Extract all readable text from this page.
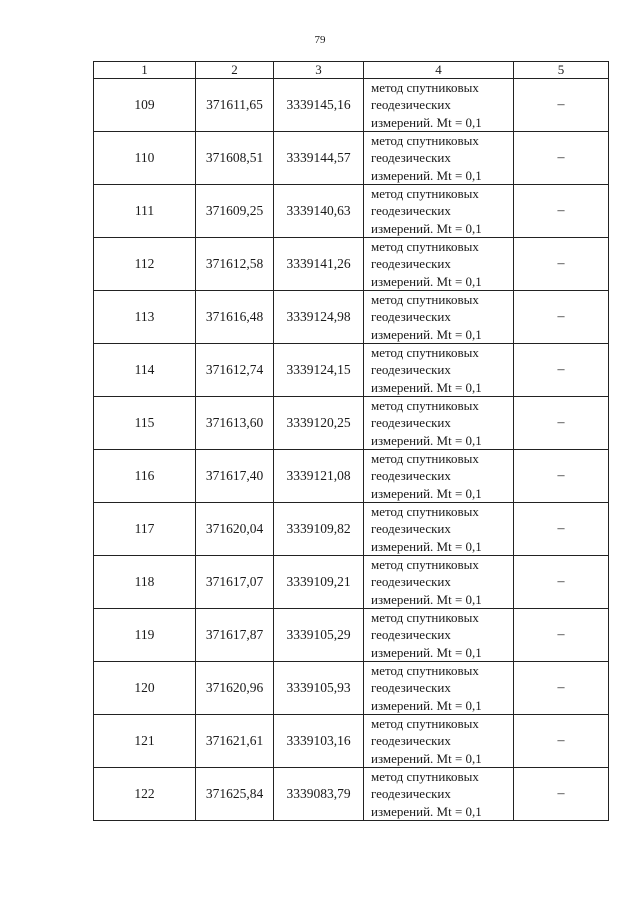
79
1	2	3	4	5
109	371611,65	3339145,16	метод спутниковых
геодезических
измерений. Mt = 0,1	–
110	371608,51	3339144,57	метод спутниковых
геодезических
измерений. Mt = 0,1	–
111	371609,25	3339140,63	метод спутниковых
геодезических
измерений. Mt = 0,1	–
112	371612,58	3339141,26	метод спутниковых
геодезических
измерений. Mt = 0,1	–
113	371616,48	3339124,98	метод спутниковых
геодезических
измерений. Mt = 0,1	–
114	371612,74	3339124,15	метод спутниковых
геодезических
измерений. Mt = 0,1	–
115	371613,60	3339120,25	метод спутниковых
геодезических
измерений. Mt = 0,1	–
116	371617,40	3339121,08	метод спутниковых
геодезических
измерений. Mt = 0,1	–
117	371620,04	3339109,82	метод спутниковых
геодезических
измерений. Mt = 0,1	–
118	371617,07	3339109,21	метод спутниковых
геодезических
измерений. Mt = 0,1	–
119	371617,87	3339105,29	метод спутниковых
геодезических
измерений. Mt = 0,1	–
120	371620,96	3339105,93	метод спутниковых
геодезических
измерений. Mt = 0,1	–
121	371621,61	3339103,16	метод спутниковых
геодезических
измерений. Mt = 0,1	–
122	371625,84	3339083,79	метод спутниковых
геодезических
измерений. Mt = 0,1	–
